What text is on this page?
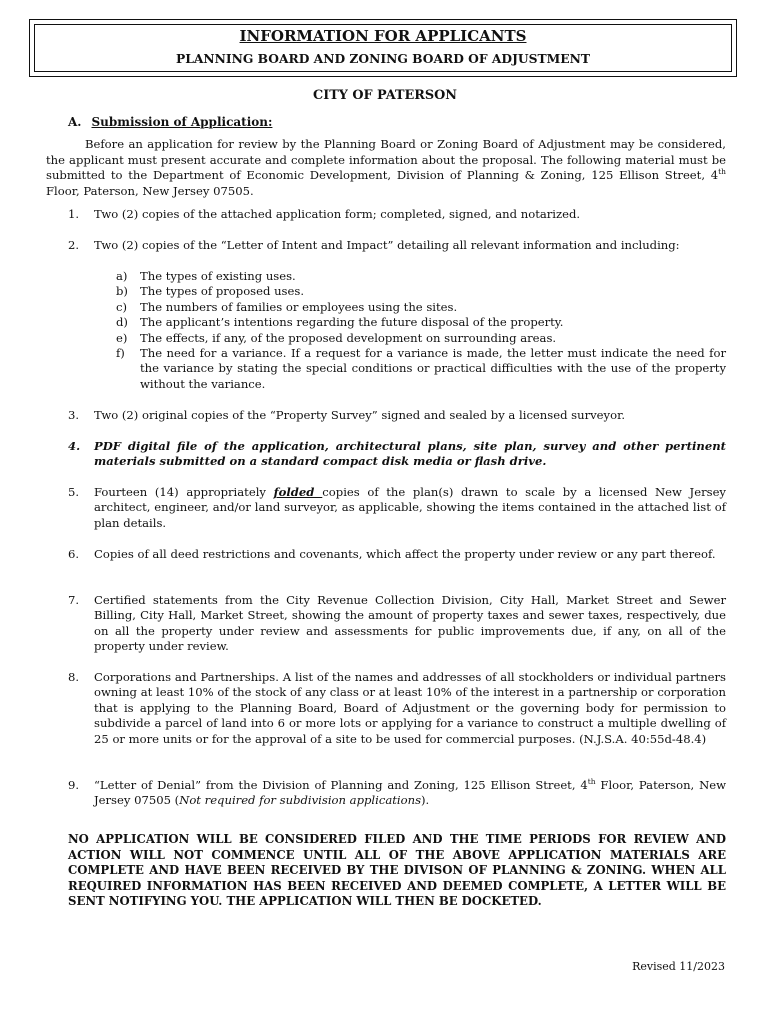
INFORMATION FOR APPLICANTS
PLANNING BOARD AND ZONING BOARD OF ADJUSTMENT
CITY OF PATERSON
A. Submission of Application:
Before an application for review by the Planning Board or Zoning Board of Adjustment may be considered, the applicant must present accurate and complete information about the proposal. The following material must be submitted to the Department of Economic Development, Division of Planning & Zoning, 125 Ellison Street, 4th Floor, Paterson, New Jersey 07505.
1. Two (2) copies of the attached application form; completed, signed, and notarized.
2. Two (2) copies of the “Letter of Intent and Impact” detailing all relevant information and including:
a) The types of existing uses.
b) The types of proposed uses.
c) The numbers of families or employees using the sites.
d) The applicant’s intentions regarding the future disposal of the property.
e) The effects, if any, of the proposed development on surrounding areas.
f) The need for a variance. If a request for a variance is made, the letter must indicate the need for the variance by stating the special conditions or practical difficulties with the use of the property without the variance.
3. Two (2) original copies of the “Property Survey” signed and sealed by a licensed surveyor.
4. PDF digital file of the application, architectural plans, site plan, survey and other pertinent materials submitted on a standard compact disk media or flash drive.
5. Fourteen (14) appropriately folded copies of the plan(s) drawn to scale by a licensed New Jersey architect, engineer, and/or land surveyor, as applicable, showing the items contained in the attached list of plan details.
6. Copies of all deed restrictions and covenants, which affect the property under review or any part thereof.
7. Certified statements from the City Revenue Collection Division, City Hall, Market Street and Sewer Billing, City Hall, Market Street, showing the amount of property taxes and sewer taxes, respectively, due on all the property under review and assessments for public improvements due, if any, on all of the property under review.
8. Corporations and Partnerships. A list of the names and addresses of all stockholders or individual partners owning at least 10% of the stock of any class or at least 10% of the interest in a partnership or corporation that is applying to the Planning Board, Board of Adjustment or the governing body for permission to subdivide a parcel of land into 6 or more lots or applying for a variance to construct a multiple dwelling of 25 or more units or for the approval of a site to be used for commercial purposes. (N.J.S.A. 40:55d-48.4)
9. “Letter of Denial” from the Division of Planning and Zoning, 125 Ellison Street, 4th Floor, Paterson, New Jersey 07505 (Not required for subdivision applications).
NO APPLICATION WILL BE CONSIDERED FILED AND THE TIME PERIODS FOR REVIEW AND ACTION WILL NOT COMMENCE UNTIL ALL OF THE ABOVE APPLICATION MATERIALS ARE COMPLETE AND HAVE BEEN RECEIVED BY THE DIVISON OF PLANNING & ZONING. WHEN ALL REQUIRED INFORMATION HAS BEEN RECEIVED AND DEEMED COMPLETE, A LETTER WILL BE SENT NOTIFYING YOU. THE APPLICATION WILL THEN BE DOCKETED.
Revised 11/2023
